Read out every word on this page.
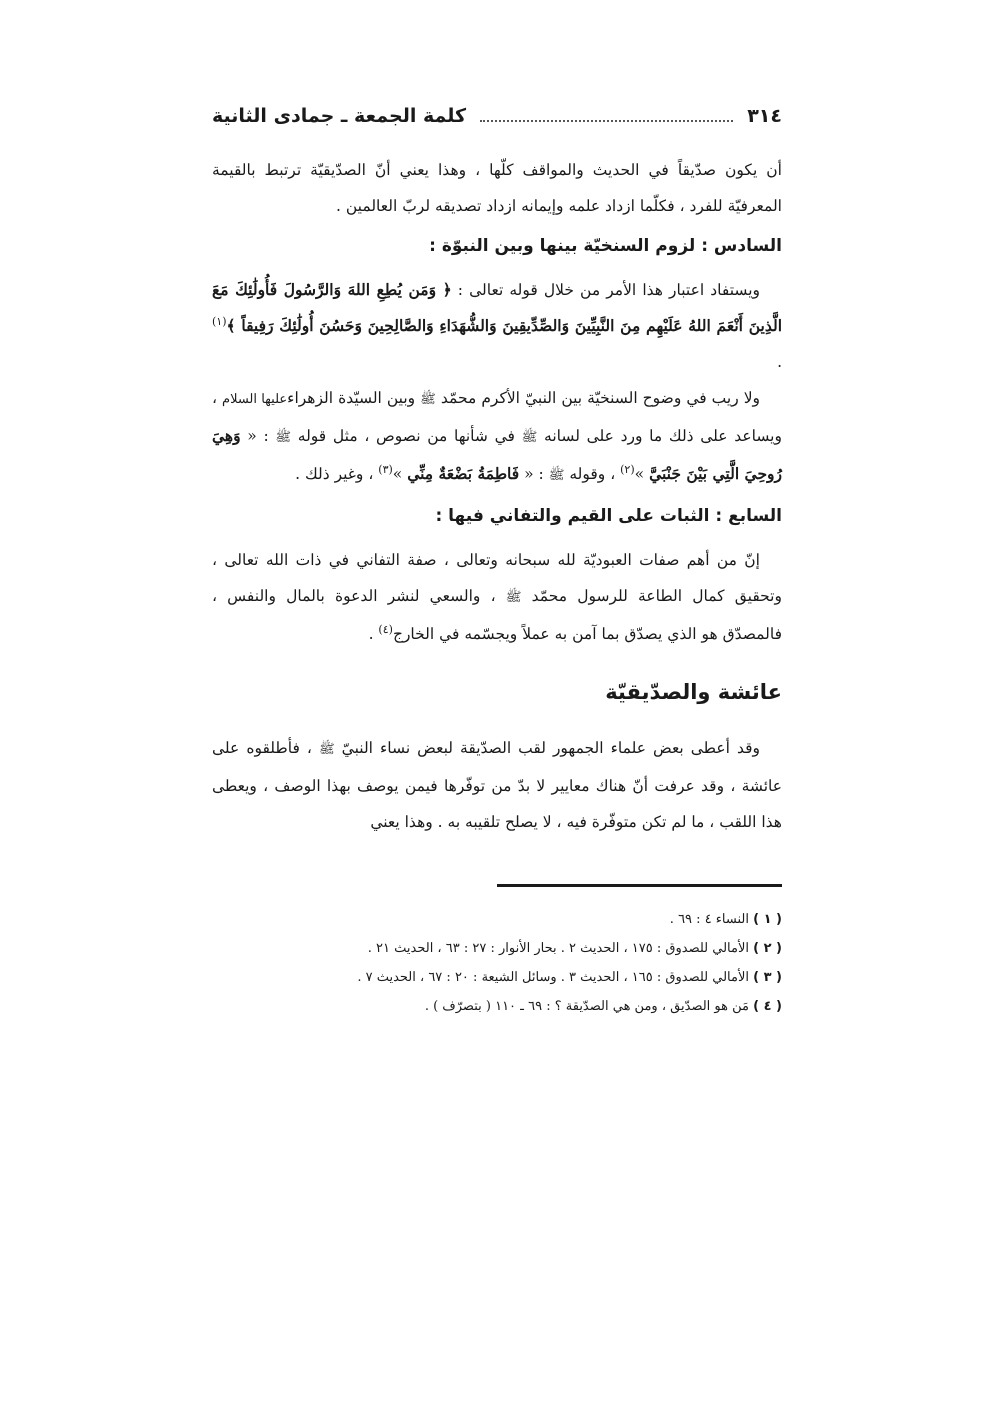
٣١٤
كلمة الجمعة ـ جمادى الثانية

أن يكون صدّيقاً في الحديث والمواقف كلّها ، وهذا يعني أنّ الصدّيقيّة ترتبط بالقيمة المعرفيّة للفرد ، فكلّما ازداد علمه وإيمانه ازداد تصديقه لربّ العالمين .

السادس : لزوم السنخيّة بينها وبين النبوّة :

ويستفاد اعتبار هذا الأمر من خلال قوله تعالى : ﴿ وَمَن يُطِعِ اللهَ وَالرَّسُولَ فَأُولَٰئِكَ مَعَ الَّذِينَ أَنْعَمَ اللهُ عَلَيْهِم مِنَ النَّبِيِّينَ وَالصِّدِّيقِينَ وَالشُّهَدَاءِ وَالصَّالِحِينَ وَحَسُنَ أُولَٰئِكَ رَفِيقاً ﴾$^{(١)}$ .

ولا ريب في وضوح السنخيّة بين النبيّ الأكرم محمّد ﷺ وبين السيّدة الزهراءعليها السلام ، ويساعد على ذلك ما ورد على لسانه ﷺ في شأنها من نصوص ، مثل قوله ﷺ : « وَهِيَ رُوحِيَ الَّتِي بَيْنَ جَنْبَيَّ »$^{(٢)}$ ، وقوله ﷺ : « فَاطِمَةُ بَضْعَةٌ مِنِّي »$^{(٣)}$ ، وغير ذلك .

السابع : الثبات على القيم والتفاني فيها :

إنّ من أهم صفات العبوديّة لله سبحانه وتعالى ، صفة التفاني في ذات الله تعالى ، وتحقيق كمال الطاعة للرسول محمّد ﷺ ، والسعي لنشر الدعوة بالمال والنفس ، فالمصدّق هو الذي يصدّق بما آمن به عملاً ويجسّمه في الخارج$^{(٤)}$ .

عائشة والصدّيقيّة

وقد أعطى بعض علماء الجمهور لقب الصدّيقة لبعض نساء النبيّ ﷺ ، فأطلقوه على عائشة ، وقد عرفت أنّ هناك معايير لا بدّ من توفّرها فيمن يوصف بهذا الوصف ، ويعطى هذا اللقب ، ما لم تكن متوفّرة فيه ، لا يصلح تلقيبه به . وهذا يعني

( ١ ) النساء ٤ : ٦٩ .

( ٢ ) الأمالي للصدوق : ١٧٥ ، الحديث ٢ . بحار الأنوار : ٢٧ : ٦٣ ، الحديث ٢١ .

( ٣ ) الأمالي للصدوق : ١٦٥ ، الحديث ٣ . وسائل الشيعة : ٢٠ : ٦٧ ، الحديث ٧ .

( ٤ ) مَن هو الصدّيق ، ومن هي الصدّيقة ؟ : ٦٩ ـ ١١٠ ( بتصرّف ) .
